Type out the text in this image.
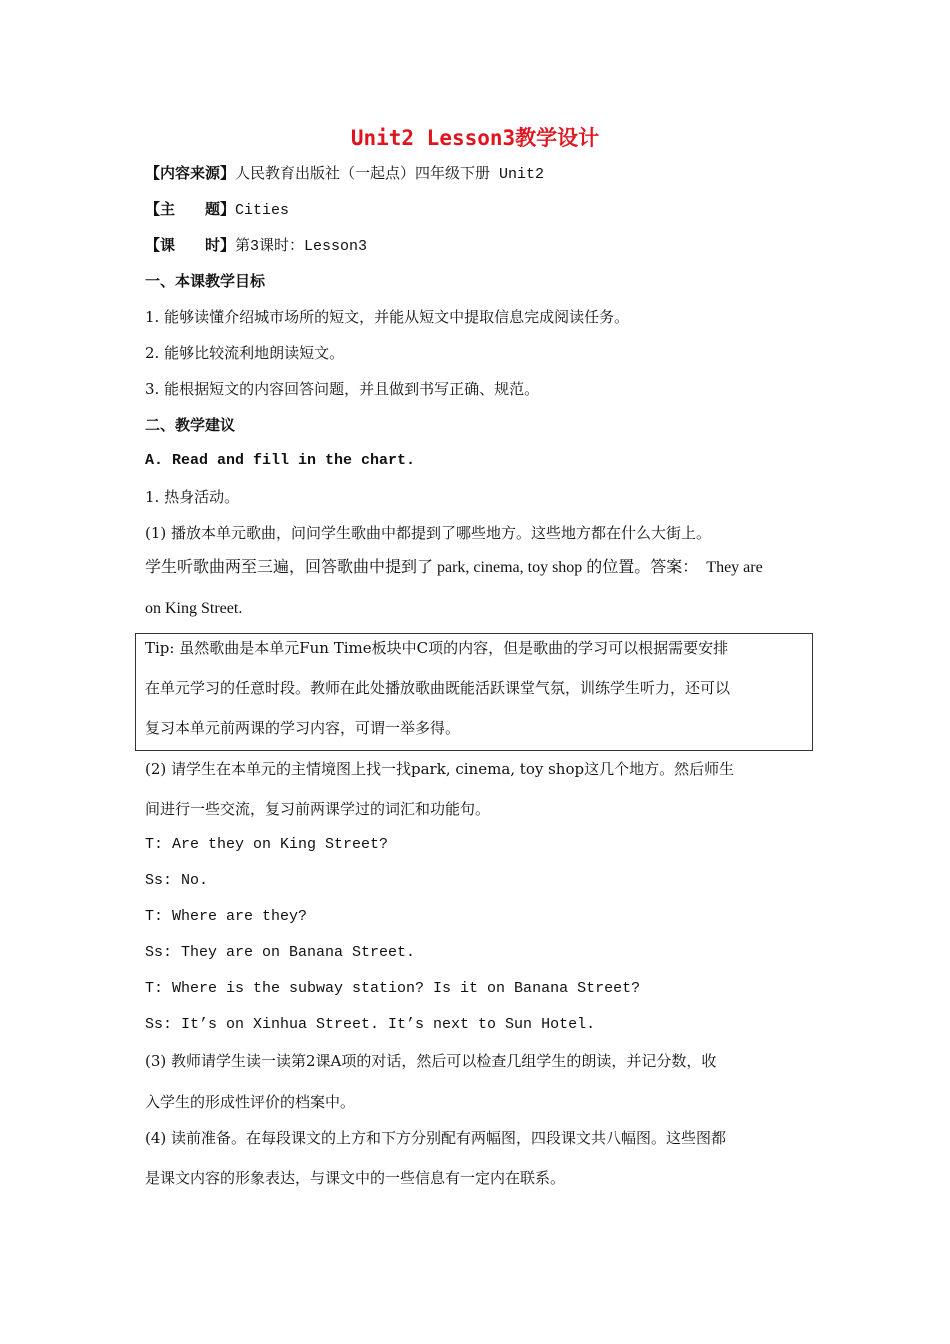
Unit2 Lesson3教学设计

【内容来源】人民教育出版社（一起点）四年级下册 Unit2

【主　　题】Cities

【课　　时】第3课时：Lesson3

一、本课教学目标

1. 能够读懂介绍城市场所的短文，并能从短文中提取信息完成阅读任务。

2. 能够比较流利地朗读短文。

3. 能根据短文的内容回答问题，并且做到书写正确、规范。

二、教学建议

A. Read and fill in the chart.

1. 热身活动。

(1) 播放本单元歌曲，问问学生歌曲中都提到了哪些地方。这些地方都在什么大街上。

学生听歌曲两至三遍，回答歌曲中提到了 park, cinema, toy shop 的位置。答案：　They are

on King Street.

Tip: 虽然歌曲是本单元Fun Time板块中C项的内容，但是歌曲的学习可以根据需要安排

在单元学习的任意时段。教师在此处播放歌曲既能活跃课堂气氛，训练学生听力，还可以

复习本单元前两课的学习内容，可谓一举多得。

(2) 请学生在本单元的主情境图上找一找park, cinema, toy shop这几个地方。然后师生

间进行一些交流，复习前两课学过的词汇和功能句。

T: Are they on King Street?

Ss: No.

T: Where are they?

Ss: They are on Banana Street.

T: Where is the subway station? Is it on Banana Street?

Ss: It’s on Xinhua Street. It’s next to Sun Hotel.

(3) 教师请学生读一读第2课A项的对话，然后可以检查几组学生的朗读，并记分数，收

入学生的形成性评价的档案中。

(4) 读前准备。在每段课文的上方和下方分别配有两幅图，四段课文共八幅图。这些图都

是课文内容的形象表达，与课文中的一些信息有一定内在联系。
